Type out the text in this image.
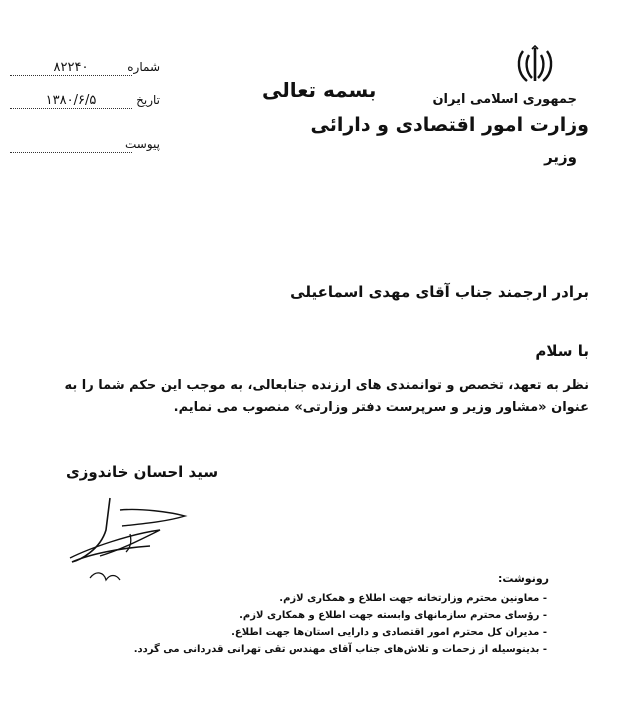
جمهوری اسلامی ایران
وزارت امور اقتصادی و دارائی
وزیر
بسمه تعالی
شماره
۸۲۲۴۰
تاریخ
۱۳۸۰/۶/۵
پیوست
برادر ارجمند جناب آقای مهدی اسماعیلی
با سلام
نظر به تعهد، تخصص و توانمندی های ارزنده جنابعالی، به موجب این حکم شما را به عنوان «مشاور وزیر و سرپرست دفتر وزارتی» منصوب می نمایم.
سید احسان خاندوزی
رونوشت:
- معاونین محترم وزارتخانه جهت اطلاع و همکاری لازم.
- رؤسای محترم سازمانهای وابسته جهت اطلاع و همکاری لازم.
- مدیران کل محترم امور اقتصادی و دارایی استان‌ها جهت اطلاع.
- بدینوسیله از زحمات و تلاش‌های جناب آقای مهندس تقی تهرانی قدردانی می گردد.
